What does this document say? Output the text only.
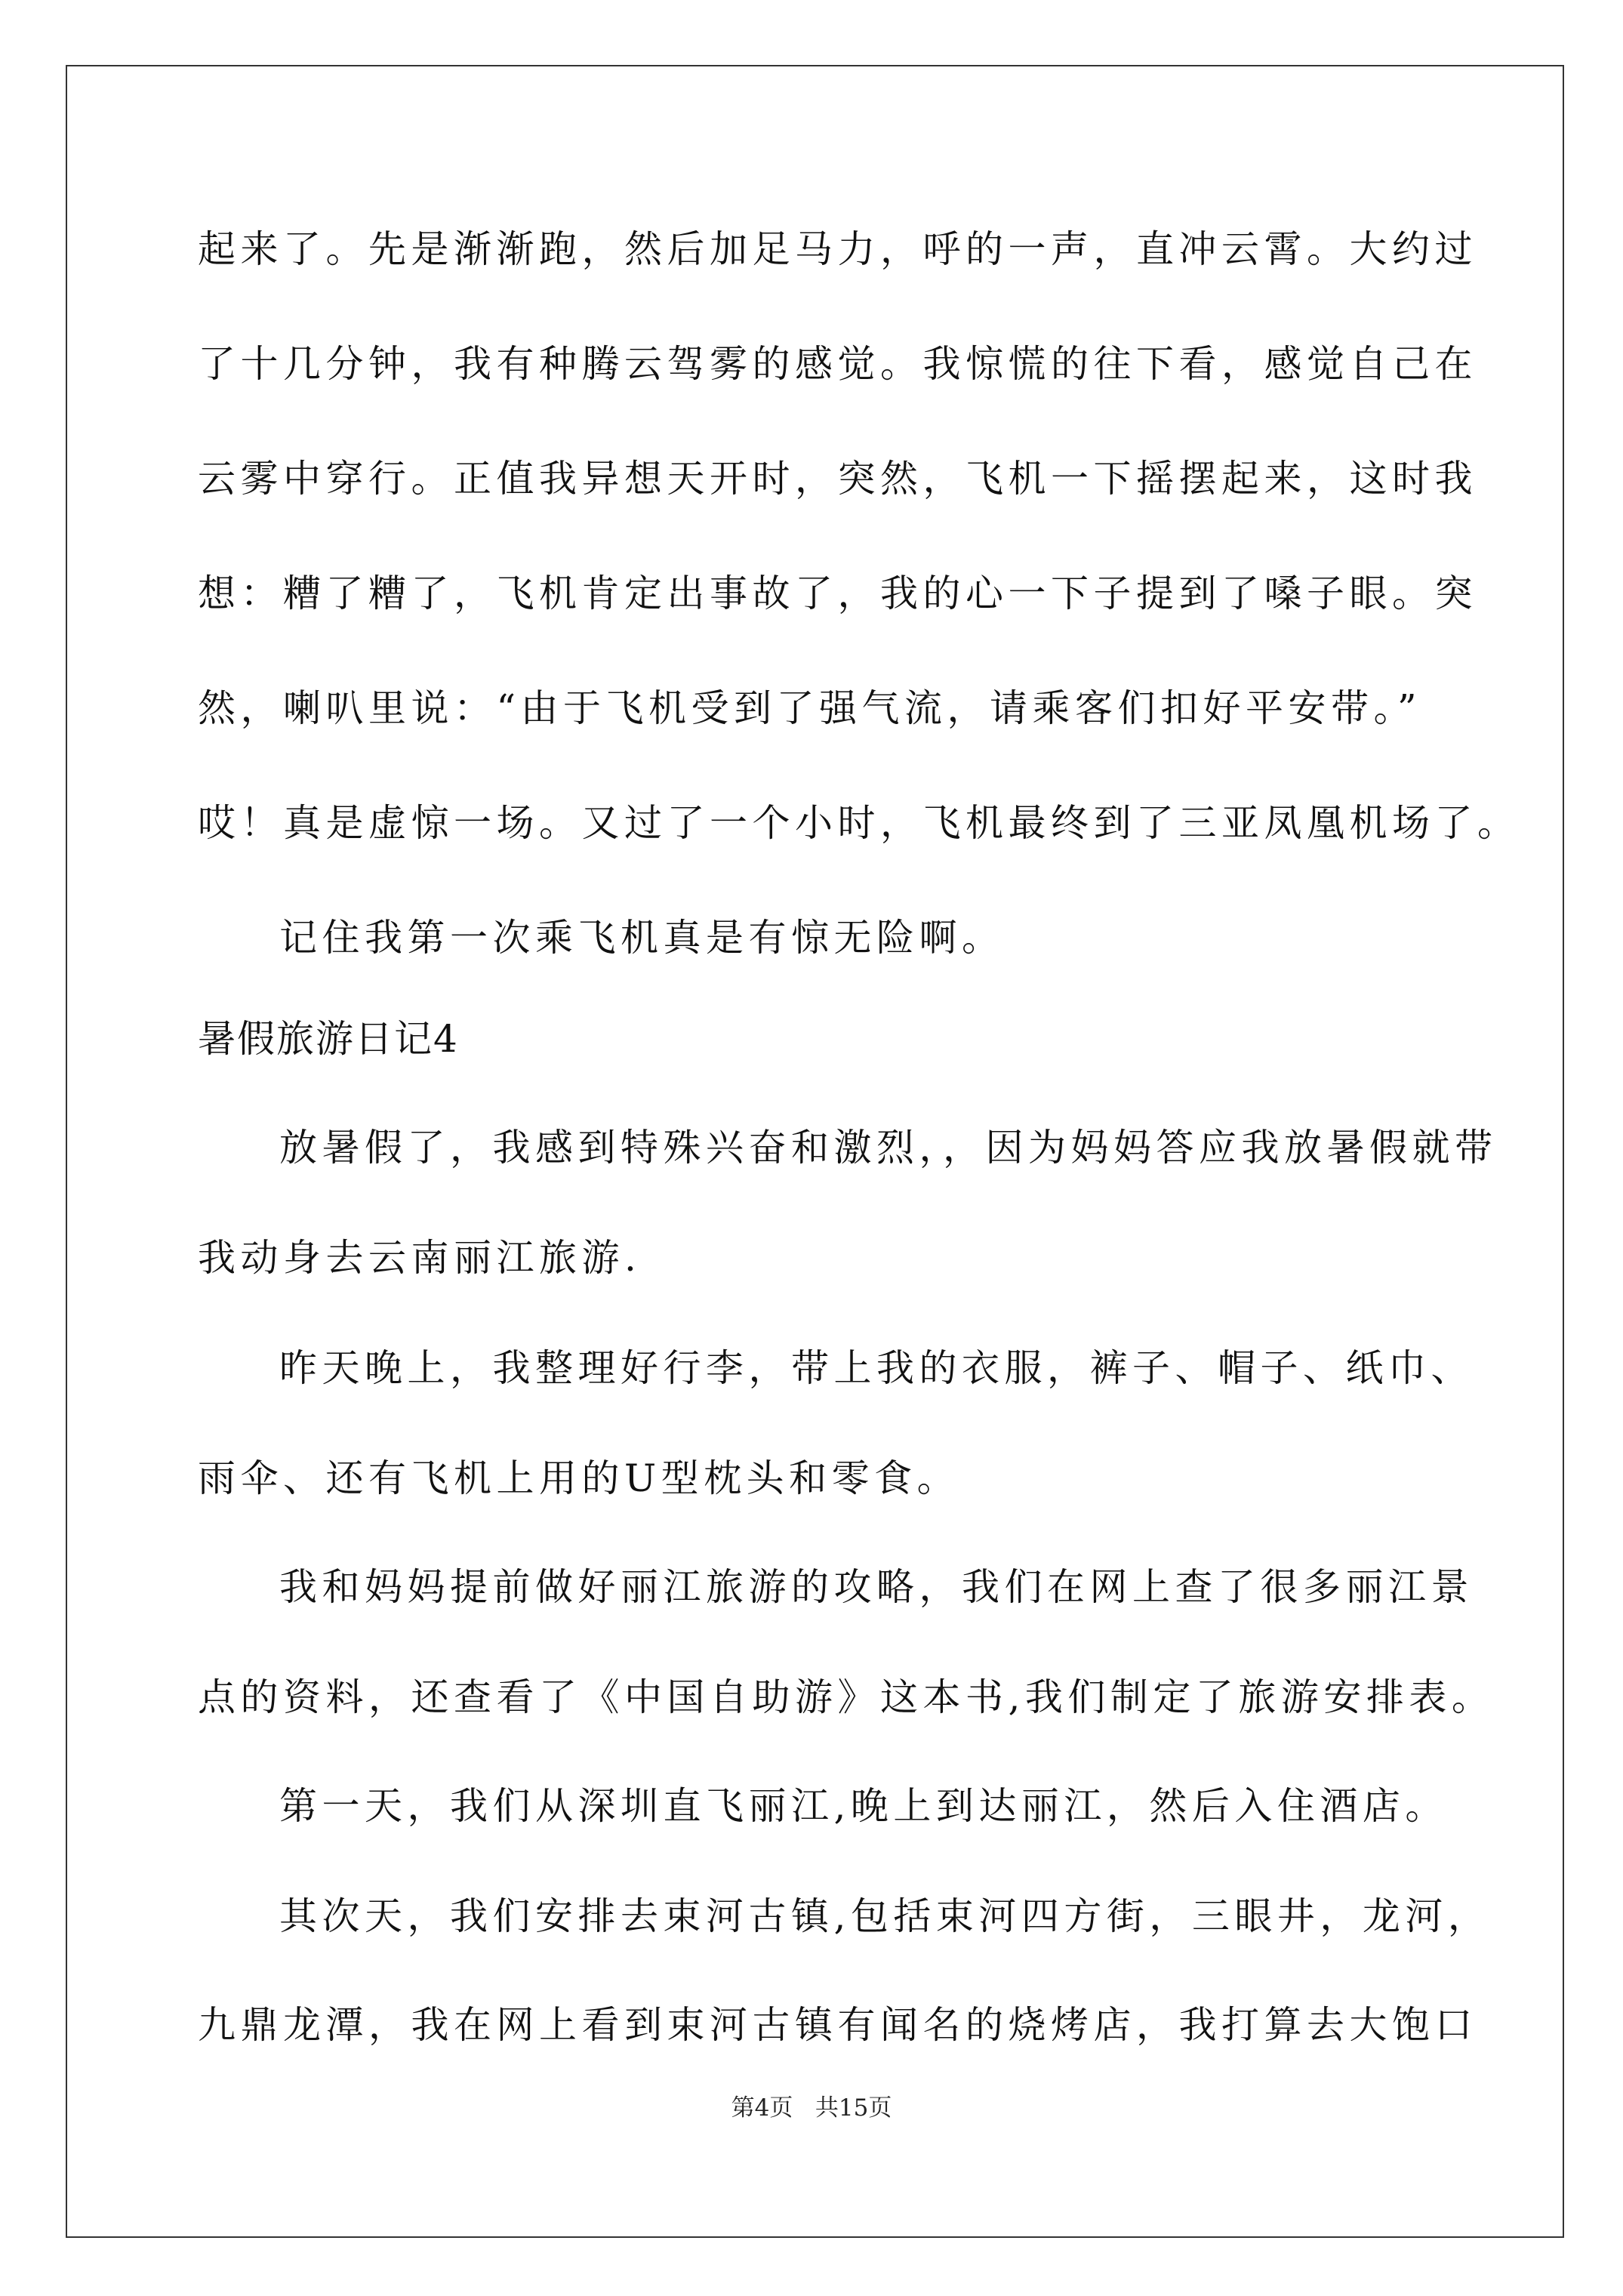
起来了。先是渐渐跑，然后加足马力，呼的一声，直冲云霄。大约过
了十几分钟，我有种腾云驾雾的感觉。我惊慌的往下看，感觉自己在
云雾中穿行。正值我异想天开时，突然，飞机一下摇摆起来，这时我
想：糟了糟了，飞机肯定出事故了，我的心一下子提到了嗓子眼。突
然，喇叭里说：“由于飞机受到了强气流，请乘客们扣好平安带。”
哎！真是虚惊一场。又过了一个小时，飞机最终到了三亚凤凰机场了。
记住我第一次乘飞机真是有惊无险啊。
暑假旅游日记4
放暑假了，我感到特殊兴奋和激烈，，因为妈妈答应我放暑假就带
我动身去云南丽江旅游.
昨天晚上，我整理好行李，带上我的衣服，裤子、帽子、纸巾、
雨伞、还有飞机上用的U型枕头和零食。
我和妈妈提前做好丽江旅游的攻略，我们在网上查了很多丽江景
点的资料，还查看了《中国自助游》这本书,我们制定了旅游安排表。
第一天，我们从深圳直飞丽江,晚上到达丽江，然后入住酒店。
其次天，我们安排去束河古镇,包括束河四方街，三眼井，龙河，
九鼎龙潭，我在网上看到束河古镇有闻名的烧烤店，我打算去大饱口
第4页   共15页
